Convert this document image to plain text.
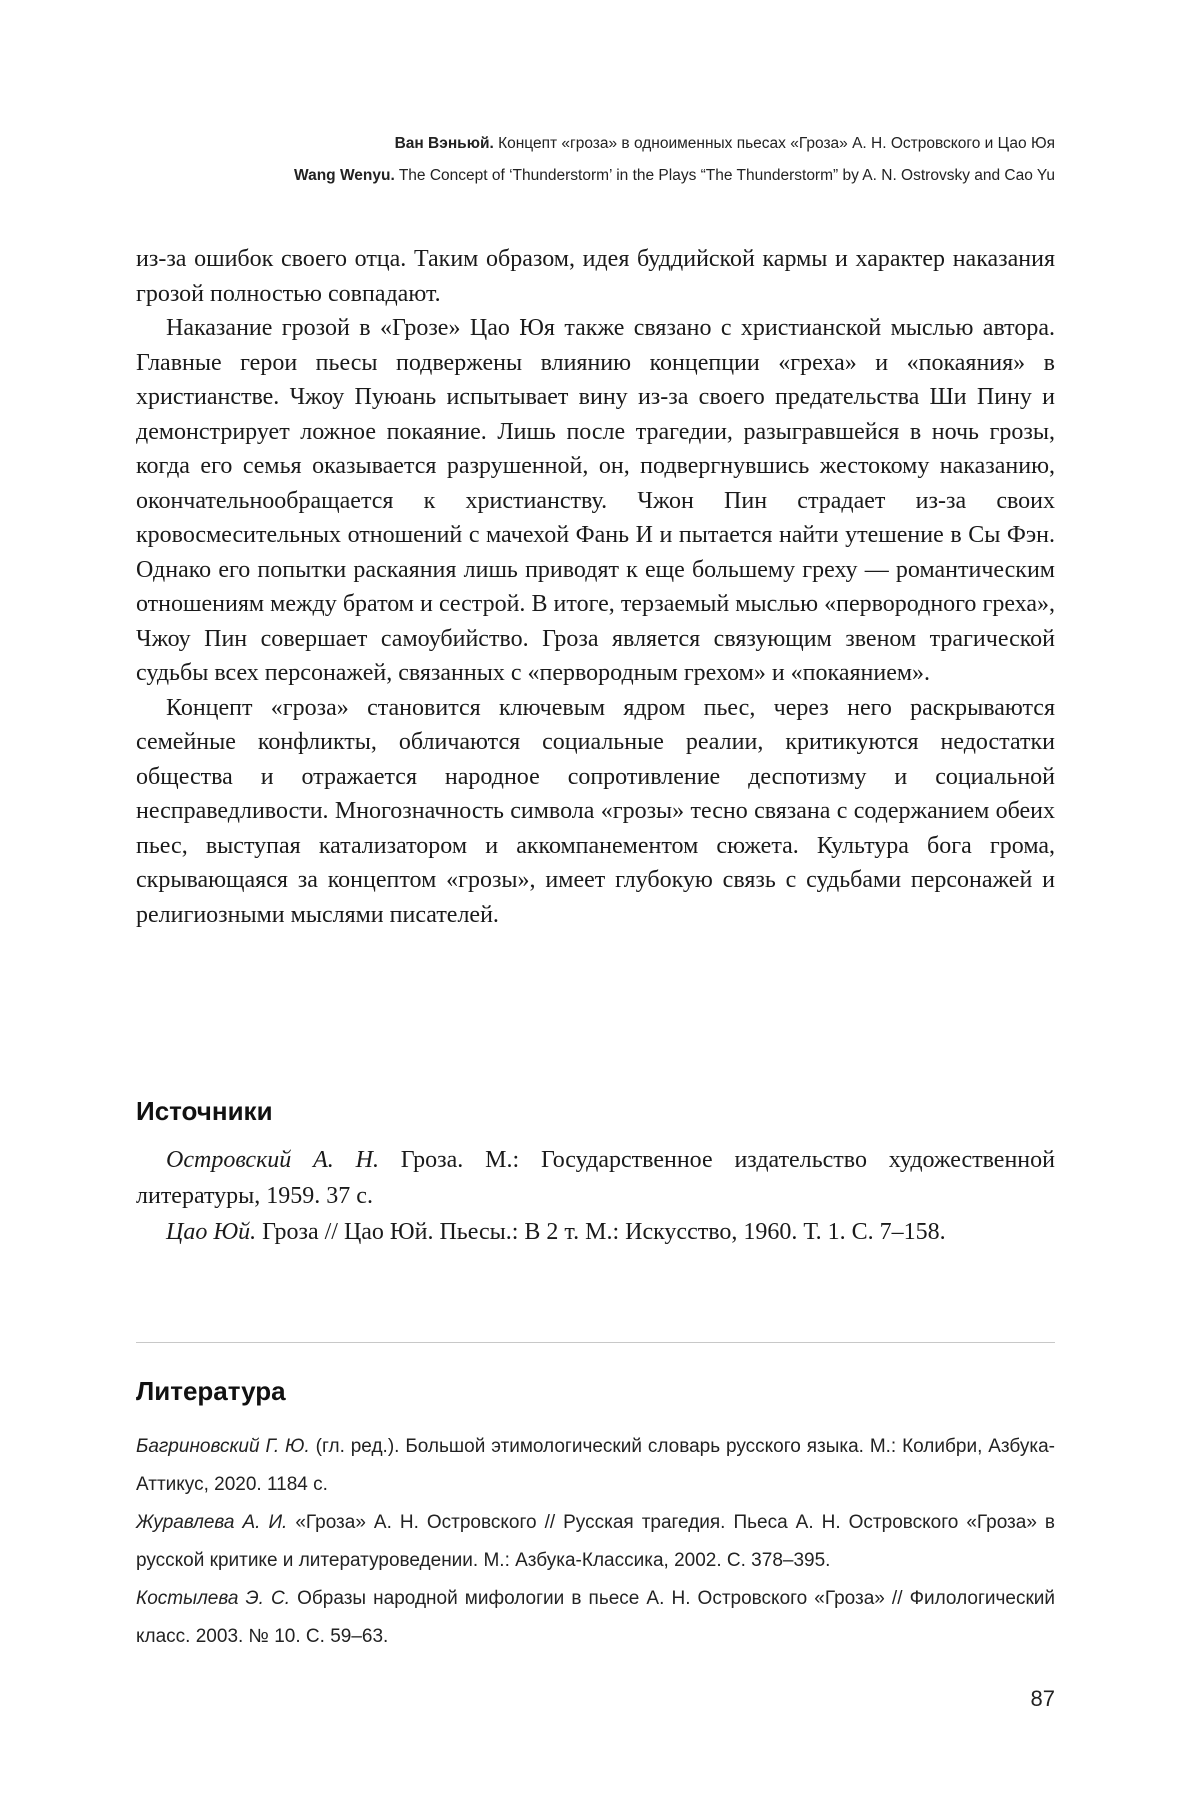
Ван Вэньюй. Концепт «гроза» в одноименных пьесах «Гроза» А. Н. Островского и Цао Юя
Wang Wenyu. The Concept of ‘Thunderstorm’ in the Plays “The Thunderstorm” by A. N. Ostrovsky and Cao Yu

из-за ошибок своего отца. Таким образом, идея буддийской кармы и характер наказания грозой полностью совпадают.

Наказание грозой в «Грозе» Цао Юя также связано с христианской мыслью автора. Главные герои пьесы подвержены влиянию концепции «греха» и «покаяния» в христианстве. Чжоу Пуюань испытывает вину из-за своего предательства Ши Пину и демонстрирует ложное покаяние. Лишь после трагедии, разыгравшейся в ночь грозы, когда его семья оказывается разрушенной, он, подвергнувшись жестокому наказанию, окончательнообращается к христианству. Чжон Пин страдает из-за своих кровосмесительных отношений с мачехой Фань И и пытается найти утешение в Сы Фэн. Однако его попытки раскаяния лишь приводят к еще большему греху — романтическим отношениям между братом и сестрой. В итоге, терзаемый мыслью «первородного греха», Чжоу Пин совершает самоубийство. Гроза является связующим звеном трагической судьбы всех персонажей, связанных с «первородным грехом» и «покаянием».

Концепт «гроза» становится ключевым ядром пьес, через него раскрываются семейные конфликты, обличаются социальные реалии, критикуются недостатки общества и отражается народное сопротивление деспотизму и социальной несправедливости. Многозначность символа «грозы» тесно связана с содержанием обеих пьес, выступая катализатором и аккомпанементом сюжета. Культура бога грома, скрывающаяся за концептом «грозы», имеет глубокую связь с судьбами персонажей и религиозными мыслями писателей.

Источники

Островский А. Н. Гроза. М.: Государственное издательство художественной литературы, 1959. 37 с.

Цао Юй. Гроза // Цао Юй. Пьесы.: В 2 т. М.: Искусство, 1960. Т. 1. С. 7–158.

Литература

Багриновский Г. Ю. (гл. ред.). Большой этимологический словарь русского языка. М.: Колибри, Азбука-Аттикус, 2020. 1184 с.

Журавлева А. И. «Гроза» А. Н. Островского // Русская трагедия. Пьеса А. Н. Островского «Гроза» в русской критике и литературоведении. М.: Азбука-Классика, 2002. С. 378–395.

Костылева Э. С. Образы народной мифологии в пьесе А. Н. Островского «Гроза» // Филологический класс. 2003. № 10. С. 59–63.

87
